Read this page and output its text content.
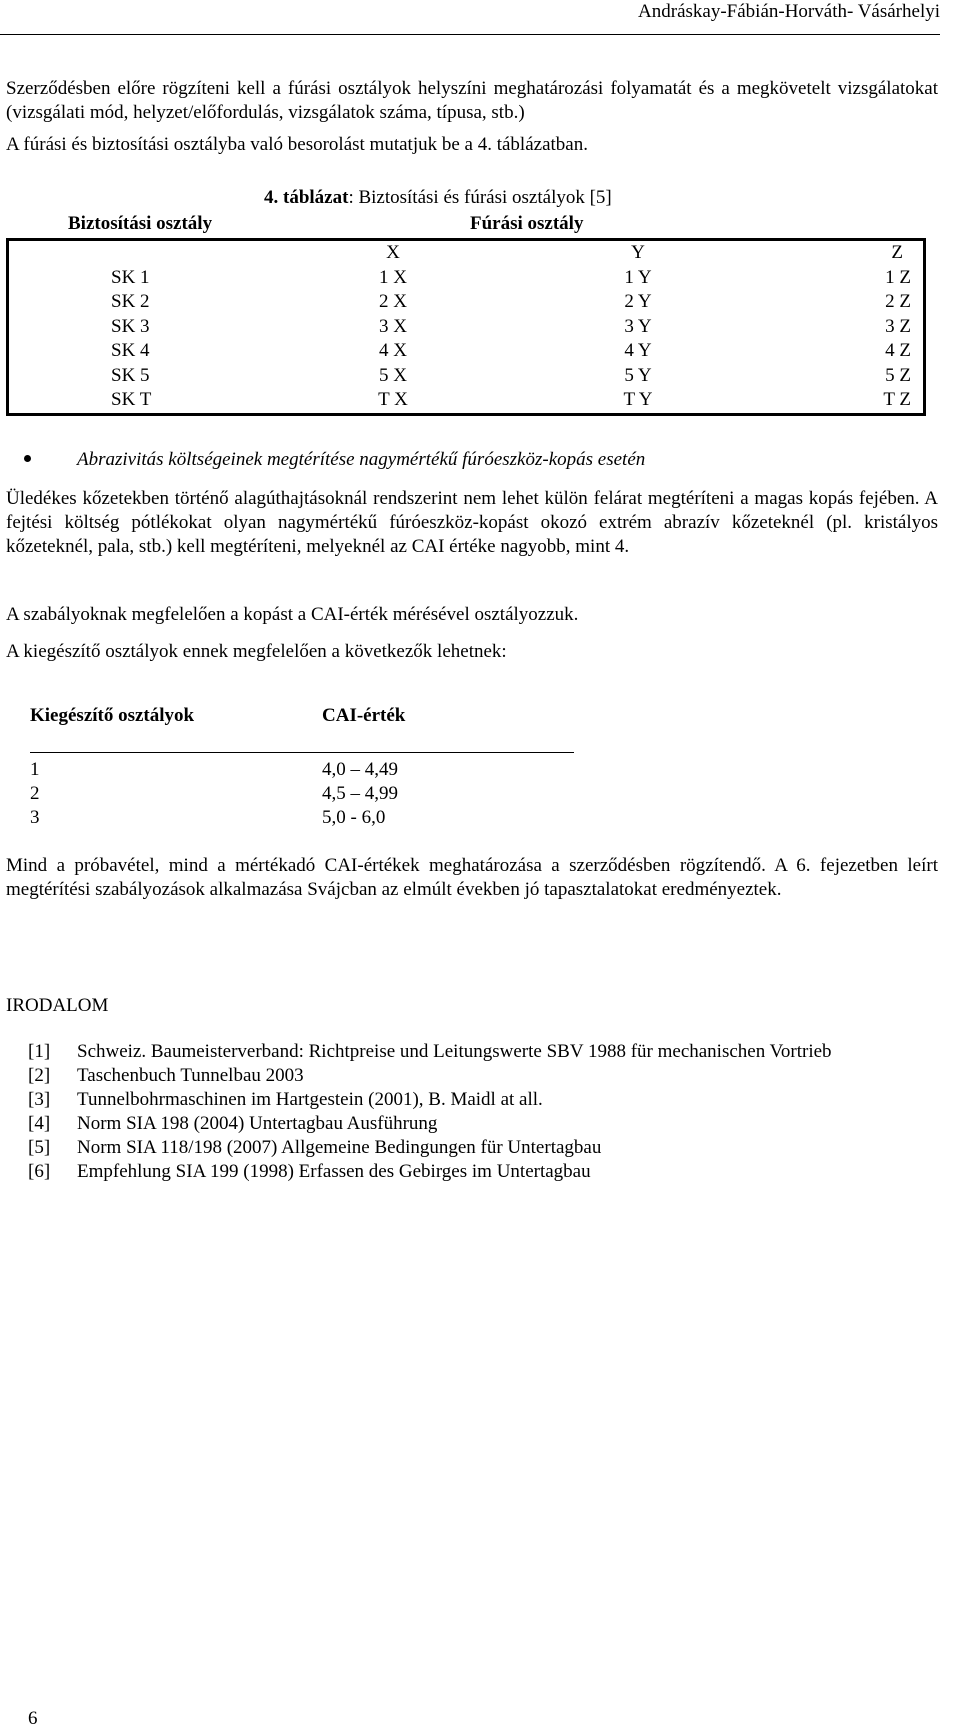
Andráskay-Fábián-Horváth- Vásárhelyi

Szerződésben előre rögzíteni kell a fúrási osztályok helyszíni meghatározási folyamatát és a megkövetelt vizsgálatokat (vizsgálati mód, helyzet/előfordulás, vizsgálatok száma, típusa, stb.)

A fúrási és biztosítási osztályba való besorolást mutatjuk be a 4. táblázatban.

4. táblázat: Biztosítási és fúrási osztályok [5]
Biztosítási osztály	Fúrási osztály
	X	Y	Z
SK 1	1 X	1 Y	1 Z
SK 2	2 X	2 Y	2 Z
SK 3	3 X	3 Y	3 Z
SK 4	4 X	4 Y	4 Z
SK 5	5 X	5 Y	5 Z
SK T	T X	T Y	T Z
Abrazivitás költségeinek megtérítése nagymértékű fúróeszköz-kopás esetén

Üledékes kőzetekben történő alagúthajtásoknál rendszerint nem lehet külön felárat megtéríteni a magas kopás fejében. A fejtési költség pótlékokat olyan nagymértékű fúróeszköz-kopást okozó extrém abrazív kőzeteknél (pl. kristályos kőzeteknél, pala, stb.) kell megtéríteni, melyeknél az CAI értéke nagyobb, mint 4.

A szabályoknak megfelelően a kopást a CAI-érték mérésével osztályozzuk.

A kiegészítő osztályok ennek megfelelően a következők lehetnek:

Kiegészítő osztályok	CAI-érték
1	4,0 – 4,49
2	4,5 – 4,99
3	5,0 - 6,0

Mind a próbavétel, mind a mértékadó CAI-értékek meghatározása a szerződésben rögzítendő. A 6. fejezetben leírt megtérítési szabályozások alkalmazása Svájcban az elmúlt években jó tapasztalatokat eredményeztek.

IRODALOM

[1] Schweiz. Baumeisterverband: Richtpreise und Leitungswerte SBV 1988 für mechanischen Vortrieb

[2] Taschenbuch Tunnelbau 2003

[3] Tunnelbohrmaschinen im Hartgestein (2001), B. Maidl at all.

[4] Norm SIA 198 (2004) Untertagbau Ausführung

[5] Norm SIA 118/198 (2007) Allgemeine Bedingungen für Untertagbau

[6] Empfehlung SIA 199 (1998) Erfassen des Gebirges im Untertagbau

6
